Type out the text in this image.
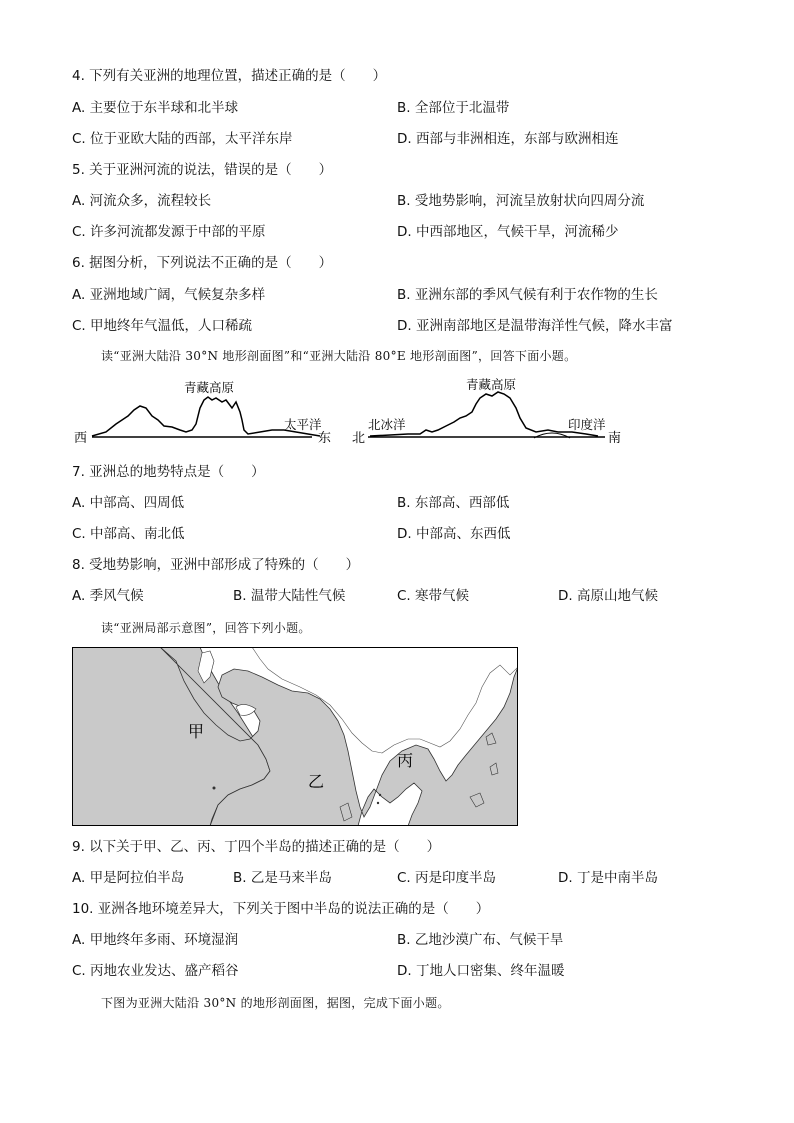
4. 下列有关亚洲的地理位置，描述正确的是（　　）
A. 主要位于东半球和北半球	B. 全部位于北温带
C. 位于亚欧大陆的西部，太平洋东岸	D. 西部与非洲相连，东部与欧洲相连
5. 关于亚洲河流的说法，错误的是（　　）
A. 河流众多，流程较长	B. 受地势影响，河流呈放射状向四周分流
C. 许多河流都发源于中部的平原	D. 中西部地区，气候干旱，河流稀少
6. 据图分析，下列说法不正确的是（　　）
A. 亚洲地域广阔，气候复杂多样	B. 亚洲东部的季风气候有利于农作物的生长
C. 甲地终年气温低，人口稀疏	D. 亚洲南部地区是温带海洋性气候，降水丰富
读“亚洲大陆沿 30°N 地形剖面图”和“亚洲大陆沿 80°E 地形剖面图”，回答下面小题。
西	东
青藏高原
太平洋
北	南
青藏高原
北冰洋	印度洋
7. 亚洲总的地势特点是（　　）
A. 中部高、四周低	B. 东部高、西部低
C. 中部高、南北低	D. 中部高、东西低
8. 受地势影响，亚洲中部形成了特殊的（　　）
A. 季风气候	B. 温带大陆性气候	C. 寒带气候	D. 高原山地气候
读“亚洲局部示意图”，回答下列小题。
甲
乙
丙
9. 以下关于甲、乙、丙、丁四个半岛的描述正确的是（　　）
A. 甲是阿拉伯半岛	B. 乙是马来半岛	C. 丙是印度半岛	D. 丁是中南半岛
10. 亚洲各地环境差异大，下列关于图中半岛的说法正确的是（　　）
A. 甲地终年多雨、环境湿润	B. 乙地沙漠广布、气候干旱
C. 丙地农业发达、盛产稻谷	D. 丁地人口密集、终年温暖
下图为亚洲大陆沿 30°N 的地形剖面图，据图，完成下面小题。
